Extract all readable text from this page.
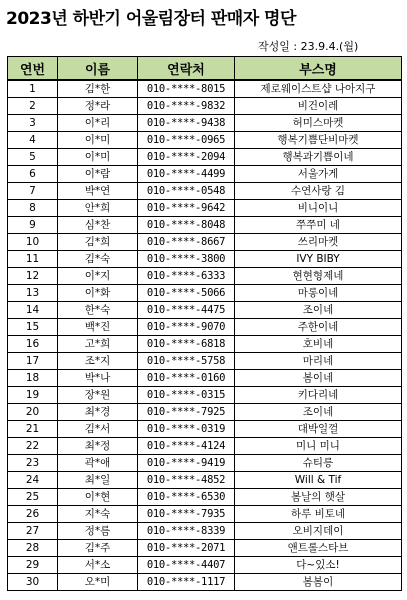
2023년 하반기 어울림장터 판매자 명단
작성일 : 23.9.4.(월)
연번	이름	연락처	부스명
1	김*한	010-****-8015	제로웨이스트샵 나아지구
2	정*라	010-****-9832	비건이레
3	이*리	010-****-9438	허미스마켓
4	이*미	010-****-0965	행복기쁨단비마켓
5	이*미	010-****-2094	행복과기쁨이네
6	이*람	010-****-4499	서울가게
7	박*연	010-****-0548	수연사랑 김
8	안*희	010-****-9642	비니이니
9	심*찬	010-****-8048	쭈쭈미 네
10	김*희	010-****-8667	쓰리마켓
11	김*숙	010-****-3800	IVY BIBY
12	이*지	010-****-6333	현현형제네
13	이*화	010-****-5066	마롱이네
14	한*숙	010-****-4475	조이네
15	백*진	010-****-9070	주한이네
16	고*희	010-****-6818	호비네
17	조*지	010-****-5758	마리네
18	박*나	010-****-0160	봄이네
19	장*원	010-****-0315	키다리네
20	최*경	010-****-7925	조이네
21	김*서	010-****-0319	대박일껄
22	최*정	010-****-4124	미니 미니
23	곽*애	010-****-9419	슈티릉
24	최*일	010-****-4852	Will & Tif
25	이*현	010-****-6530	봄날의 햇살
26	지*숙	010-****-7935	하루 비토네
27	정*름	010-****-8339	오비지데이
28	김*주	010-****-2071	앤트롤스타브
29	서*소	010-****-4407	다~있소!
30	오*미	010-****-1117	봄봄이
